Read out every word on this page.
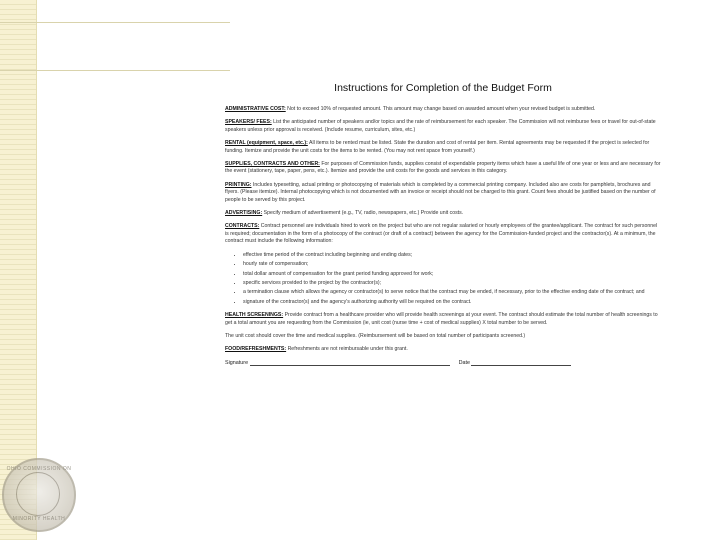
Instructions for Completion of the Budget Form
ADMINISTRATIVE COST: Not to exceed 10% of requested amount. This amount may change based on awarded amount when your revised budget is submitted.
SPEAKERS/ FEES: List the anticipated number of speakers and/or topics and the rate of reimbursement for each speaker. The Commission will not reimburse fees or travel for out-of-state speakers unless prior approval is received. (Include resume, curriculum, sites, etc.)
RENTAL (equipment, space, etc.): All items to be rented must be listed. State the duration and cost of rental per item. Rental agreements may be requested if the project is selected for funding. Itemize and provide the unit costs for the items to be rented. (You may not rent space from yourself.)
SUPPLIES, CONTRACTS AND OTHER: For purposes of Commission funds, supplies consist of expendable property items which have a useful life of one year or less and are necessary for the event (stationery, tape, paper, pens, etc.). Itemize and provide the unit costs for the goods and services in this category.
PRINTING: Includes typesetting, actual printing or photocopying of materials which is completed by a commercial printing company. Included also are costs for pamphlets, brochures and flyers. (Please itemize). Internal photocopying which is not documented with an invoice or receipt should not be charged to this grant. Count fees should be justified based on the number of people to be served by this project.
ADVERTISING: Specify medium of advertisement (e.g., TV, radio, newspapers, etc.) Provide unit costs.
CONTRACTS: Contract personnel are individuals hired to work on the project but who are not regular salaried or hourly employees of the grantee/applicant. The contract for such personnel is required; documentation in the form of a photocopy of the contract (or draft of a contract) between the agency for the Commission-funded project and the contractor(s). At a minimum, the contract must include the following information:
• effective time period of the contract including beginning and ending dates;
• hourly rate of compensation;
• total dollar amount of compensation for the grant period funding approved for work;
• specific services provided to the project by the contractor(s);
• a termination clause which allows the agency or contractor(s) to serve notice that the contract may be ended, if necessary, prior to the effective ending date of the contract; and
• signature of the contractor(s) and the agency's authorizing authority will be required on the contract.
HEALTH SCREENINGS: Provide contract from a healthcare provider who will provide health screenings at your event. The contract should estimate the total number of health screenings to get a total amount you are requesting from the Commission (ie, unit cost (nurse time + cost of medical supplies) X total number to be served.
The unit cost should cover the time and medical supplies. (Reimbursement will be based on total number of participants screened.)
FOOD/REFRESHMENTS: Refreshments are not reimbursable under this grant.
Signature	Date
OHIO COMMISSION ON
MINORITY HEALTH
